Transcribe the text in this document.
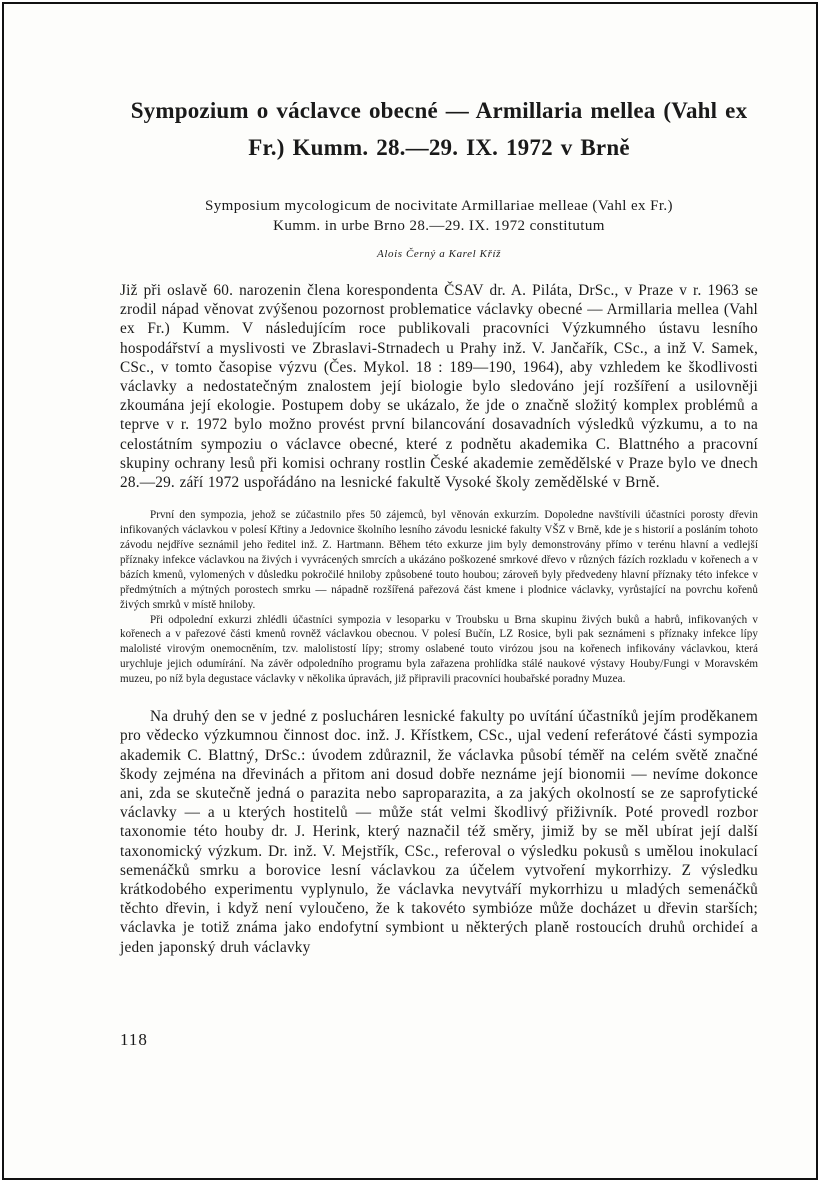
Sympozium o václavce obecné — Armillaria mellea (Vahl ex Fr.) Kumm. 28.—29. IX. 1972 v Brně
Symposium mycologicum de nocivitate Armillariae melleae (Vahl ex Fr.)
Kumm. in urbe Brno 28.—29. IX. 1972 constitutum
Alois Černý a Karel Kříž

Již při oslavě 60. narozenin člena korespondenta ČSAV dr. A. Piláta, DrSc., v Praze v r. 1963 se zrodil nápad věnovat zvýšenou pozornost problematice václavky obecné — Armillaria mellea (Vahl ex Fr.) Kumm. V následujícím roce publikovali pracovníci Výzkumného ústavu lesního hospodářství a myslivosti ve Zbraslavi-Strnadech u Prahy inž. V. Jančařík, CSc., a inž V. Samek, CSc., v tomto časopise výzvu (Čes. Mykol. 18 : 189—190, 1964), aby vzhledem ke škodlivosti václavky a nedostatečným znalostem její biologie bylo sledováno její rozšíření a usilovněji zkoumána její ekologie. Postupem doby se ukázalo, že jde o značně složitý komplex problémů a teprve v r. 1972 bylo možno provést první bilancování dosavadních výsledků výzkumu, a to na celostátním sympoziu o václavce obecné, které z podnětu akademika C. Blattného a pracovní skupiny ochrany lesů při komisi ochrany rostlin České akademie zemědělské v Praze bylo ve dnech 28.—29. září 1972 uspořádáno na lesnické fakultě Vysoké školy zemědělské v Brně.

První den sympozia, jehož se zúčastnilo přes 50 zájemců, byl věnován exkurzím. Dopoledne navštívili účastníci porosty dřevin infikovaných václavkou v polesí Křtiny a Jedovnice školního lesního závodu lesnické fakulty VŠZ v Brně, kde je s historií a posláním tohoto závodu nejdříve seznámil jeho ředitel inž. Z. Hartmann. Během této exkurze jim byly demonstrovány přímo v terénu hlavní a vedlejší příznaky infekce václavkou na živých i vyvrácených smrcích a ukázáno poškozené smrkové dřevo v různých fázích rozkladu v kořenech a v bázích kmenů, vylomených v důsledku pokročilé hniloby způsobené touto houbou; zároveň byly předvedeny hlavní příznaky této infekce v předmýtních a mýtných porostech smrku — nápadně rozšířená pařezová část kmene i plodnice václavky, vyrůstající na povrchu kořenů živých smrků v místě hniloby.

Při odpolední exkurzi zhlédli účastníci sympozia v lesoparku v Troubsku u Brna skupinu živých buků a habrů, infikovaných v kořenech a v pařezové části kmenů rovněž václavkou obecnou. V polesí Bučín, LZ Rosice, byli pak seznámeni s příznaky infekce lípy malolisté virovým onemocněním, tzv. malolistostí lípy; stromy oslabené touto virózou jsou na kořenech infikovány václavkou, která urychluje jejich odumírání. Na závěr odpoledního programu byla zařazena prohlídka stálé naukové výstavy Houby/Fungi v Moravském muzeu, po níž byla degustace václavky v několika úpravách, již připravili pracovníci houbařské poradny Muzea.

Na druhý den se v jedné z poslucháren lesnické fakulty po uvítání účastníků jejím proděkanem pro vědecko výzkumnou činnost doc. inž. J. Křístkem, CSc., ujal vedení referátové části sympozia akademik C. Blattný, DrSc.: úvodem zdůraznil, že václavka působí téměř na celém světě značné škody zejména na dřevinách a přitom ani dosud dobře neznáme její bionomii — nevíme dokonce ani, zda se skutečně jedná o parazita nebo saproparazita, a za jakých okolností se ze saprofytické václavky — a u kterých hostitelů — může stát velmi škodlivý přiživník. Poté provedl rozbor taxonomie této houby dr. J. Herink, který naznačil též směry, jimiž by se měl ubírat její další taxonomický výzkum. Dr. inž. V. Mejstřík, CSc., referoval o výsledku pokusů s umělou inokulací semenáčků smrku a borovice lesní václavkou za účelem vytvoření mykorrhizy. Z výsledku krátkodobého experimentu vyplynulo, že václavka nevytváří mykorrhizu u mladých semenáčků těchto dřevin, i když není vyloučeno, že k takovéto symbióze může docházet u dřevin starších; václavka je totiž známa jako endofytní symbiont u některých planě rostoucích druhů orchideí a jeden japonský druh václavky

118
